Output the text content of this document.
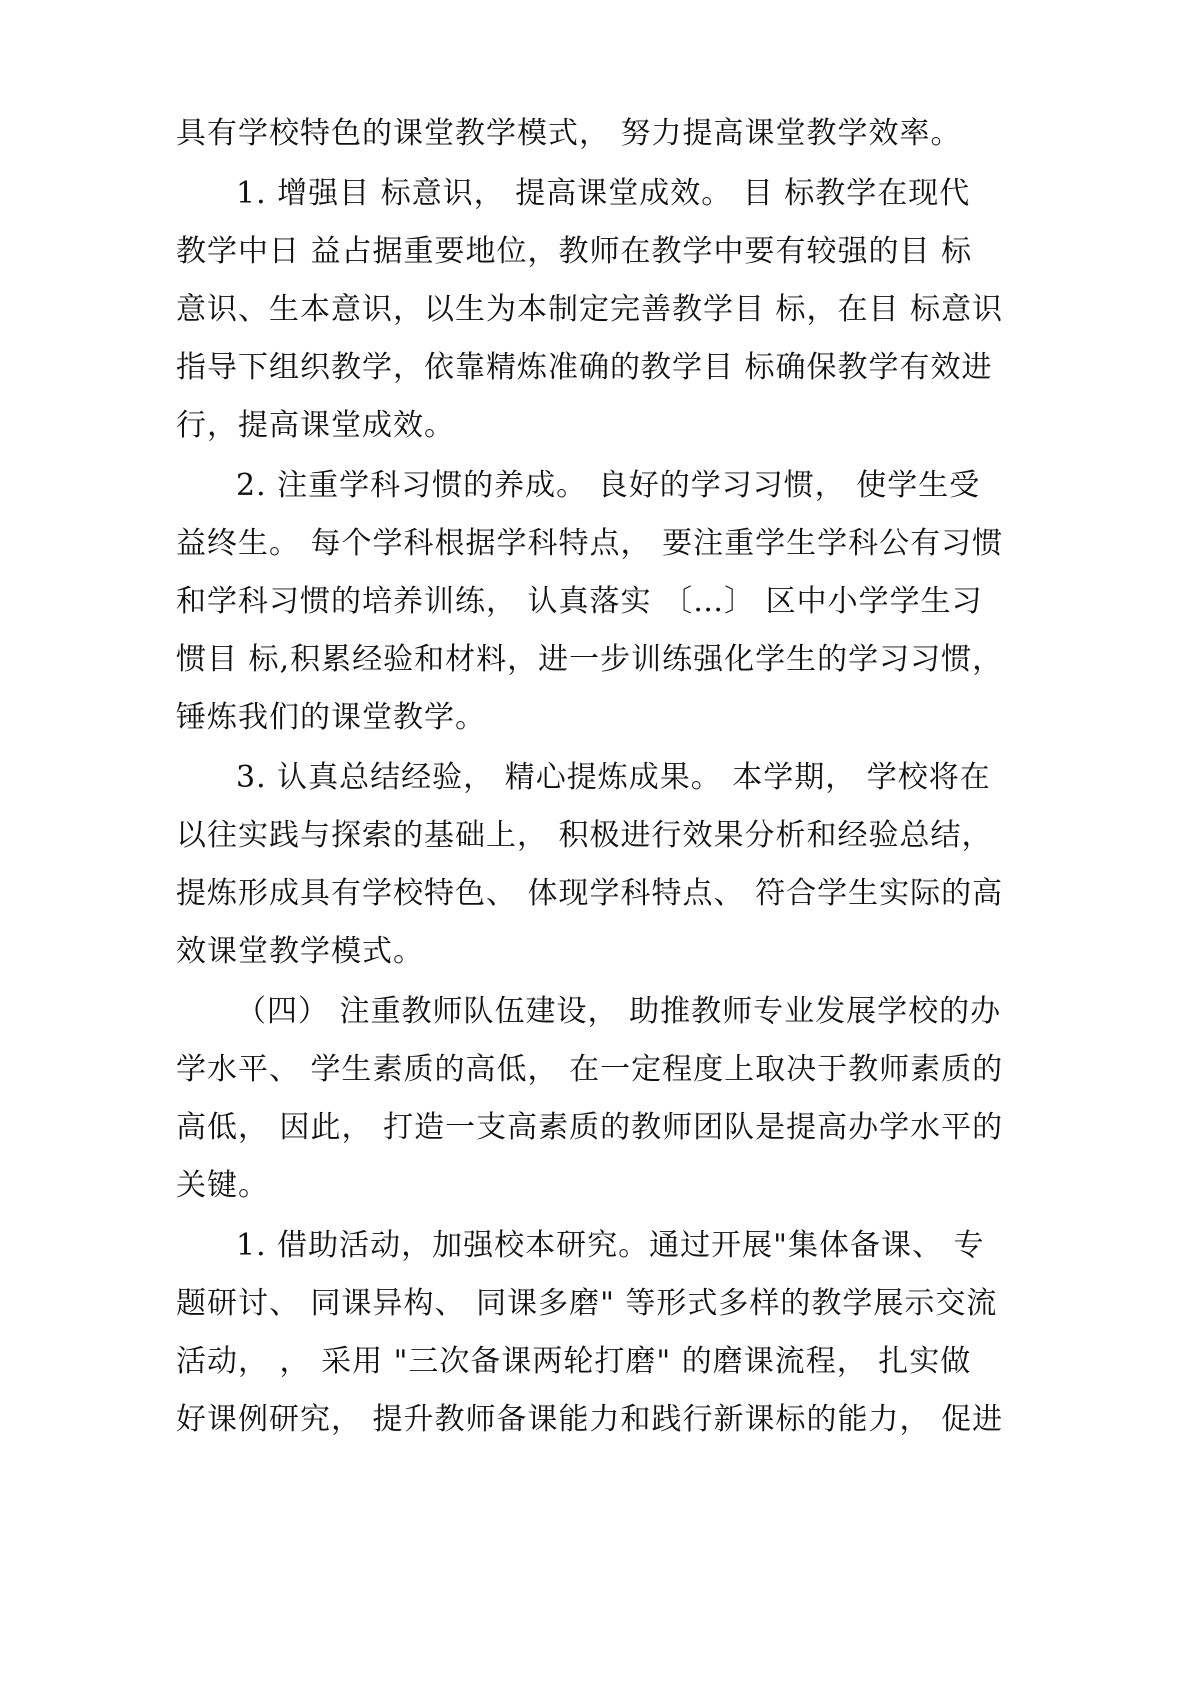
具有学校特色的课堂教学模式， 努力提高课堂教学效率。
1. 增强目 标意识， 提高课堂成效。 目 标教学在现代
教学中日 益占据重要地位，教师在教学中要有较强的目 标
意识、生本意识，以生为本制定完善教学目 标，在目 标意识
指导下组织教学，依靠精炼准确的教学目 标确保教学有效进
行，提高课堂成效。
2. 注重学科习惯的养成。 良好的学习习惯， 使学生受
益终生。 每个学科根据学科特点， 要注重学生学科公有习惯
和学科习惯的培养训练， 认真落实 〔…〕 区中小学学生习
惯目 标,积累经验和材料，进一步训练强化学生的学习习惯，
锤炼我们的课堂教学。
3. 认真总结经验， 精心提炼成果。 本学期， 学校将在
以往实践与探索的基础上， 积极进行效果分析和经验总结，
提炼形成具有学校特色、 体现学科特点、 符合学生实际的高
效课堂教学模式。
（四） 注重教师队伍建设， 助推教师专业发展学校的办
学水平、 学生素质的高低， 在一定程度上取决于教师素质的
高低， 因此， 打造一支高素质的教师团队是提高办学水平的
关键。
1. 借助活动，加强校本研究。通过开展"集体备课、 专
题研讨、 同课异构、 同课多磨" 等形式多样的教学展示交流
活动， ， 采用 "三次备课两轮打磨" 的磨课流程， 扎实做
好课例研究， 提升教师备课能力和践行新课标的能力， 促进
